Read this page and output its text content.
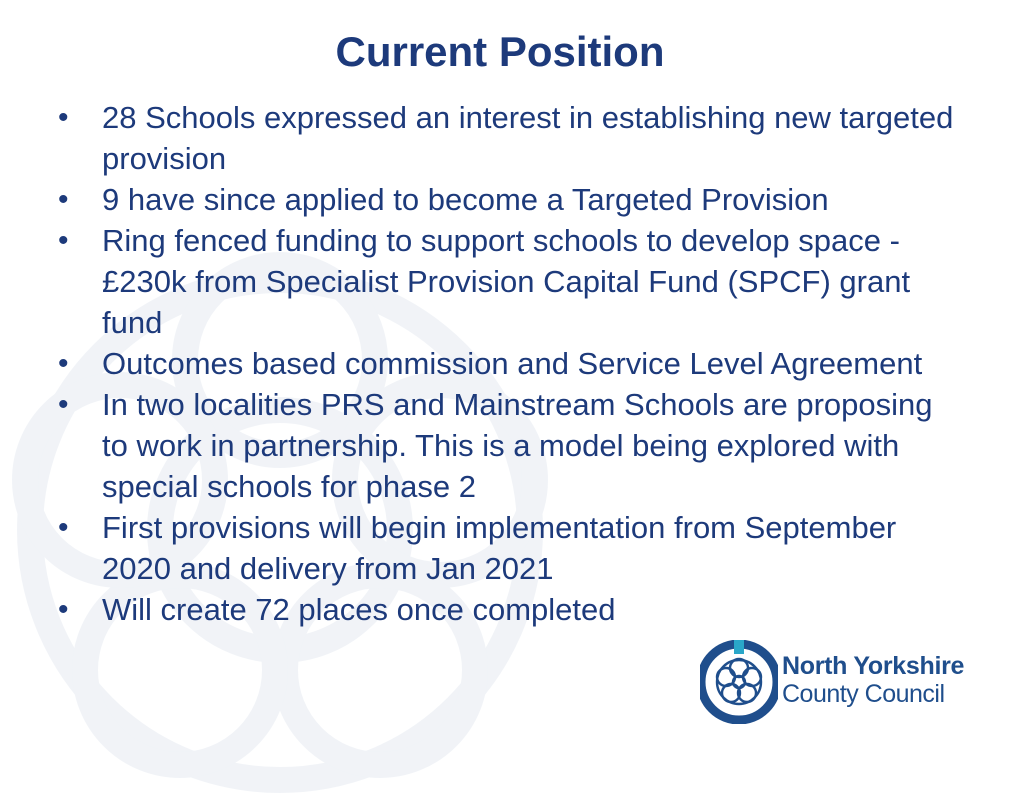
Current Position
• 28 Schools expressed an interest in establishing new targeted provision
• 9 have since applied to become a Targeted Provision
• Ring fenced funding to support schools to develop space - £230k from Specialist Provision Capital Fund (SPCF) grant fund
• Outcomes based commission and Service Level Agreement
• In two localities PRS and Mainstream Schools are proposing to work in partnership. This is a model being explored with special schools for phase 2
• First provisions will begin implementation from September 2020 and delivery from Jan 2021
• Will create 72 places once completed
North Yorkshire
County Council
